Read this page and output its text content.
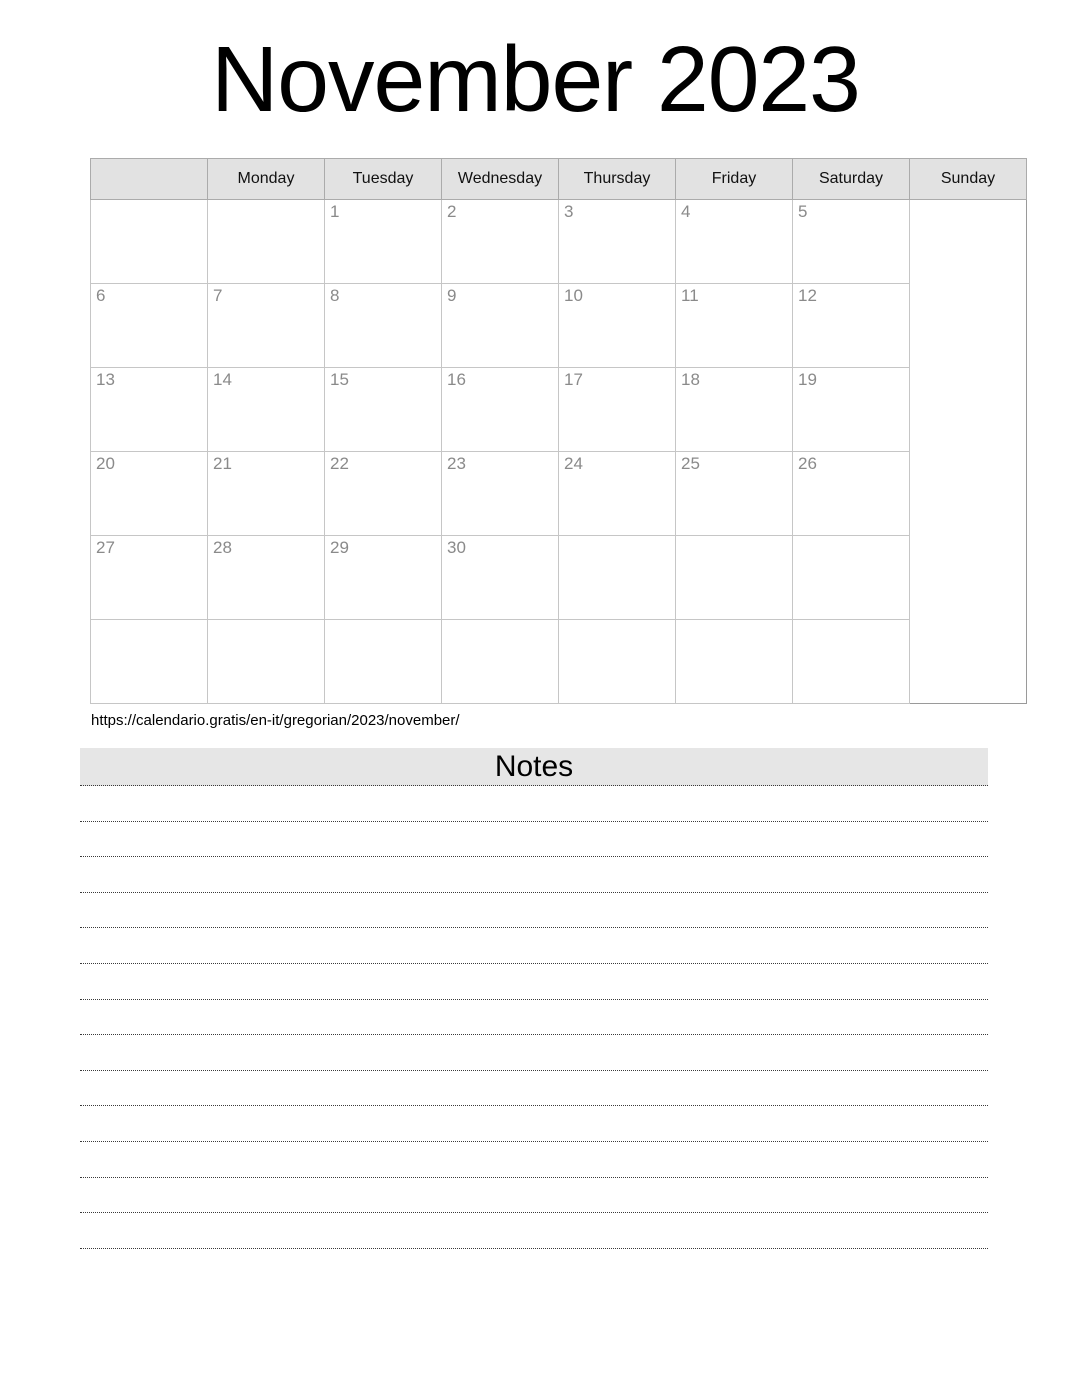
November 2023
	Monday	Tuesday	Wednesday	Thursday	Friday	Saturday	Sunday
		1	2	3	4	5	
6	7	8	9	10	11	12	
13	14	15	16	17	18	19	
20	21	22	23	24	25	26	
27	28	29	30				

https://calendario.gratis/en-it/gregorian/2023/november/
Notes
